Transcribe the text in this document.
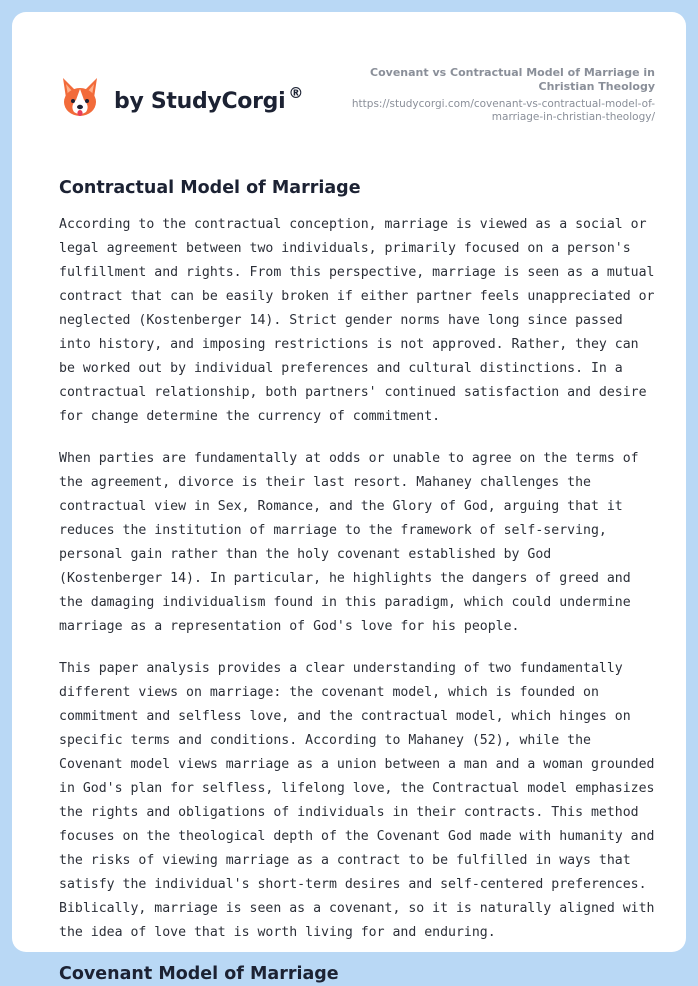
by StudyCorgi ®
Covenant vs Contractual Model of Marriage in Christian Theology
https://studycorgi.com/covenant-vs-contractual-model-of-marriage-in-christian-theology/
Contractual Model of Marriage

According to the contractual conception, marriage is viewed as a social or legal agreement between two individuals, primarily focused on a person's fulfillment and rights. From this perspective, marriage is seen as a mutual contract that can be easily broken if either partner feels unappreciated or neglected (Kostenberger 14). Strict gender norms have long since passed into history, and imposing restrictions is not approved. Rather, they can be worked out by individual preferences and cultural distinctions. In a contractual relationship, both partners' continued satisfaction and desire for change determine the currency of commitment.

When parties are fundamentally at odds or unable to agree on the terms of the agreement, divorce is their last resort. Mahaney challenges the contractual view in Sex, Romance, and the Glory of God, arguing that it reduces the institution of marriage to the framework of self-serving, personal gain rather than the holy covenant established by God (Kostenberger 14). In particular, he highlights the dangers of greed and the damaging individualism found in this paradigm, which could undermine marriage as a representation of God's love for his people.

This paper analysis provides a clear understanding of two fundamentally different views on marriage: the covenant model, which is founded on commitment and selfless love, and the contractual model, which hinges on specific terms and conditions. According to Mahaney (52), while the Covenant model views marriage as a union between a man and a woman grounded in God's plan for selfless, lifelong love, the Contractual model emphasizes the rights and obligations of individuals in their contracts. This method focuses on the theological depth of the Covenant God made with humanity and the risks of viewing marriage as a contract to be fulfilled in ways that satisfy the individual's short-term desires and self-centered preferences. Biblically, marriage is seen as a covenant, so it is naturally aligned with the idea of love that is worth living for and enduring.

Covenant Model of Marriage
